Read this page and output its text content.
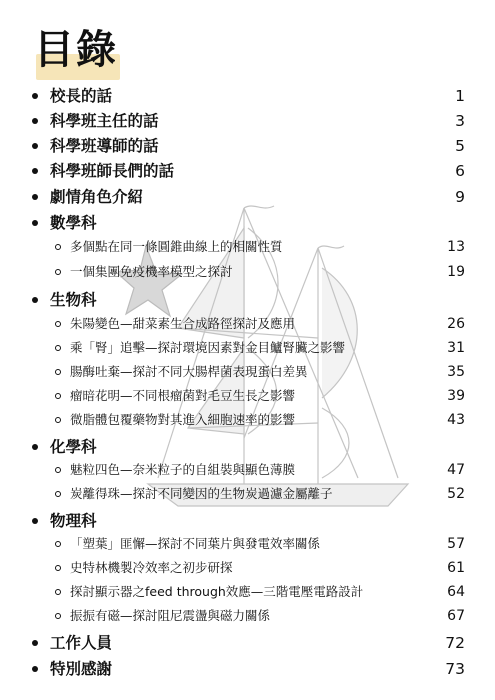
目錄
校長的話	1
科學班主任的話	3
科學班導師的話	5
科學班師長們的話	6
劇情角色介紹	9
數學科
多個點在同一條圓錐曲線上的相關性質	13
一個集團免疫機率模型之探討	19
生物科
朱陽變色—甜菜素生合成路徑探討及應用	26
乘「腎」追擊—探討環境因素對金目鱸腎臟之影響	31
腸酶吐棄—探討不同大腸桿菌表現蛋白差異	35
瘤暗花明—不同根瘤菌對毛豆生長之影響	39
微脂體包覆藥物對其進入細胞速率的影響	43
化學科
魅粒四色—奈米粒子的自組裝與顯色薄膜	47
炭離得珠—探討不同變因的生物炭過濾金屬離子	52
物理科
「塑葉」匪懈—探討不同葉片與發電效率關係	57
史特林機製冷效率之初步研探	61
探討顯示器之feed through效應—三階電壓電路設計	64
振振有磁—探討阻尼震盪與磁力關係	67
工作人員	72
特別感謝	73
